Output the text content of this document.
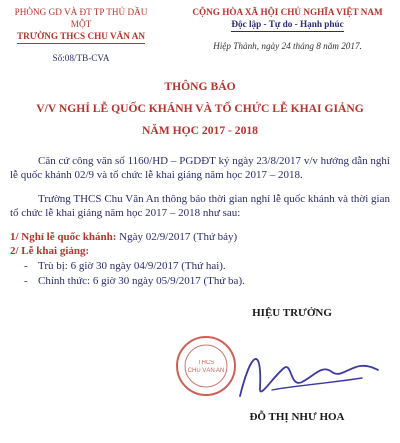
PHÒNG GD VÀ ĐT TP THỦ DẦU MỘT
TRƯỜNG THCS CHU VĂN AN
Số:08/TB-CVA
CỘNG HÒA XÃ HỘI CHỦ NGHĨA VIỆT NAM
Độc lập - Tự do - Hạnh phúc
Hiệp Thành, ngày 24 tháng 8 năm 2017.
THÔNG BÁO
V/V NGHỈ LỄ QUỐC KHÁNH VÀ TỔ CHỨC LỄ KHAI GIẢNG
NĂM HỌC 2017 - 2018
Căn cứ công văn số 1160/HD – PGDĐT ký ngày 23/8/2017 v/v hướng dẫn nghỉ lễ quốc khánh 02/9 và tổ chức lễ khai giảng năm học 2017 – 2018.
Trường THCS Chu Văn An thông báo thời gian nghỉ lễ quốc khánh và thời gian tổ chức lễ khai giảng năm học 2017 – 2018 như sau:
1/ Nghỉ lễ quốc khánh: Ngày 02/9/2017 (Thứ bảy)
2/ Lễ khai giảng:
- Trù bị: 6 giờ 30 ngày 04/9/2017 (Thứ hai).
- Chính thức: 6 giờ 30 ngày 05/9/2017 (Thứ ba).
HIỆU TRƯỞNG
THCS
CHU VĂN AN
ĐỖ THỊ NHƯ HOA
